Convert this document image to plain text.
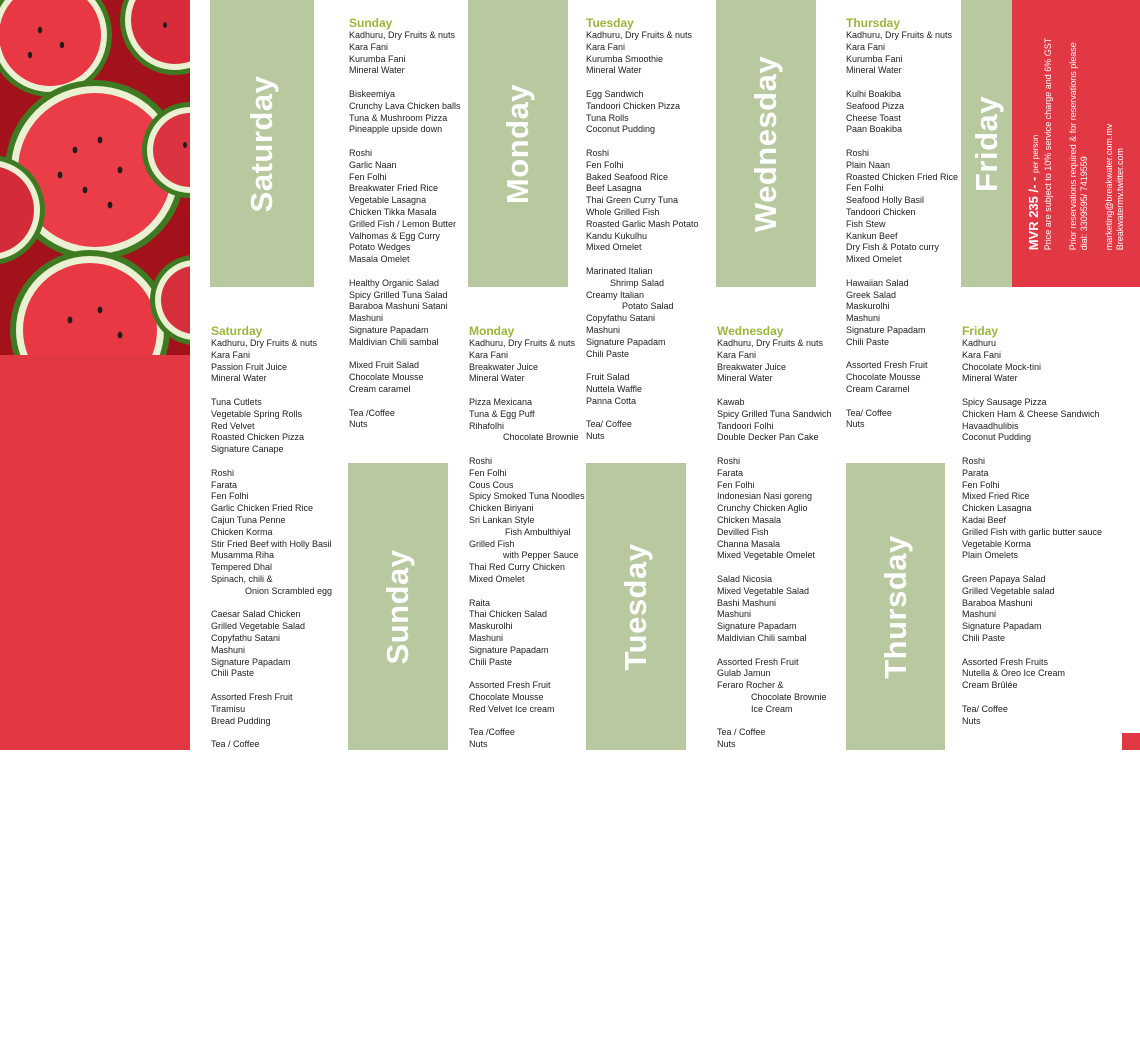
BREAKWATER Iftar Buffet 1437 Win a Umra trip! contact for details
Saturday	Monday	Wednesday	Friday
Sunday	Tuesday	Thursday
MVR 235 /- - per person Price are subject to 10% service charge and 6% GST Prior reservations required & for reservations please dial: 3309595/ 7419559 marketing@breakwater.com.mv Breakwatermv.twitter.com
Sunday
Kadhuru, Dry Fruits & nuts
Kara Fani
Kurumba Fani
Mineral Water
Biskeemiya
Crunchy Lava Chicken balls
Tuna & Mushroom Pizza
Pineapple upside down
Roshi
Garlic Naan
Fen Folhi
Breakwater Fried Rice
Vegetable Lasagna
Chicken Tikka Masala
Grilled Fish / Lemon Butter
Valhomas & Egg Curry
Potato Wedges
Masala Omelet
Healthy Organic Salad
Spicy Grilled Tuna Salad
Baraboa Mashuni Satani
Mashuni
Signature Papadam
Maldivian Chili sambal
Mixed Fruit Salad
Chocolate Mousse
Cream caramel
Tea /Coffee
Nuts
Tuesday
Kadhuru, Dry Fruits & nuts
Kara Fani
Kurumba Smoothie
Mineral Water
Egg Sandwich
Tandoori Chicken Pizza
Tuna Rolls
Coconut Pudding
Roshi
Fen Folhi
Baked Seafood Rice
Beef Lasagna
Thai Green Curry Tuna
Whole Grilled Fish
Roasted Garlic Mash Potato
Kandu Kukulhu
Mixed Omelet
Marinated Italian
Shrimp Salad
Creamy Italian
Potato Salad
Copyfathu Satani
Mashuni
Signature Papadam
Chili Paste
Fruit Salad
Nuttela Waffle
Panna Cotta
Tea/ Coffee
Nuts
Thursday
Kadhuru, Dry Fruits & nuts
Kara Fani
Kurumba Fani
Mineral Water
Kulhi Boakiba
Seafood Pizza
Cheese Toast
Paan Boakiba
Roshi
Plain Naan
Roasted Chicken Fried Rice
Fen Folhi
Seafood Holly Basil
Tandoori Chicken
Fish Stew
Kankun Beef
Dry Fish & Potato curry
Mixed Omelet
Hawaiian Salad
Greek Salad
Maskurolhi
Mashuni
Signature Papadam
Chili Paste
Assorted Fresh Fruit
Chocolate Mousse
Cream Caramel
Tea/ Coffee
Nuts
Saturday
Kadhuru, Dry Fruits & nuts
Kara Fani
Passion Fruit Juice
Mineral Water
Tuna Cutlets
Vegetable Spring Rolls
Red Velvet
Roasted Chicken Pizza
Signature Canape
Roshi
Farata
Fen Folhi
Garlic Chicken Fried Rice
Cajun Tuna Penne
Chicken Korma
Stir Fried Beef with Holly Basil
Musamma Riha
Tempered Dhal
Spinach, chili &
Onion Scrambled egg
Caesar Salad Chicken
Grilled Vegetable Salad
Copyfathu Satani
Mashuni
Signature Papadam
Chili Paste
Assorted Fresh Fruit
Tiramisu
Bread Pudding
Tea / Coffee
Monday
Kadhuru, Dry Fruits & nuts
Kara Fani
Breakwater Juice
Mineral Water
Pizza Mexicana
Tuna & Egg Puff
Rihafolhi
Chocolate Brownie
Roshi
Fen Folhi
Cous Cous
Spicy Smoked Tuna Noodles
Chicken Biriyani
Sri Lankan Style
Fish Ambulthiyal
Grilled Fish
with Pepper Sauce
Thai Red Curry Chicken
Mixed Omelet
Raita
Thai Chicken Salad
Maskurolhi
Mashuni
Signature Papadam
Chili Paste
Assorted Fresh Fruit
Chocolate Mousse
Red Velvet Ice cream
Tea /Coffee
Nuts
Wednesday
Kadhuru, Dry Fruits & nuts
Kara Fani
Breakwater Juice
Mineral Water
Kawab
Spicy Grilled Tuna Sandwich
Tandoori Folhi
Double Decker Pan Cake
Roshi
Farata
Fen Folhi
Indonesian Nasi goreng
Crunchy Chicken Aglio
Chicken Masala
Devilled Fish
Channa Masala
Mixed Vegetable Omelet
Salad Nicosia
Mixed Vegetable Salad
Bashi Mashuni
Mashuni
Signature Papadam
Maldivian Chili sambal
Assorted Fresh Fruit
Gulab Jamun
Feraro Rocher &
Chocolate Brownie
Ice Cream
Tea / Coffee
Nuts
Friday
Kadhuru
Kara Fani
Chocolate Mock-tini
Mineral Water
Spicy Sausage Pizza
Chicken Ham & Cheese Sandwich
Havaadhulibis
Coconut Pudding
Roshi
Parata
Fen Folhi
Mixed Fried Rice
Chicken Lasagna
Kadai Beef
Grilled Fish with garlic butter sauce
Vegetable Korma
Plain Omelets
Green Papaya Salad
Grilled Vegetable salad
Baraboa Mashuni
Mashuni
Signature Papadam
Chili Paste
Assorted Fresh Fruits
Nutella & Oreo Ice Cream
Cream Brûlée
Tea/ Coffee
Nuts
